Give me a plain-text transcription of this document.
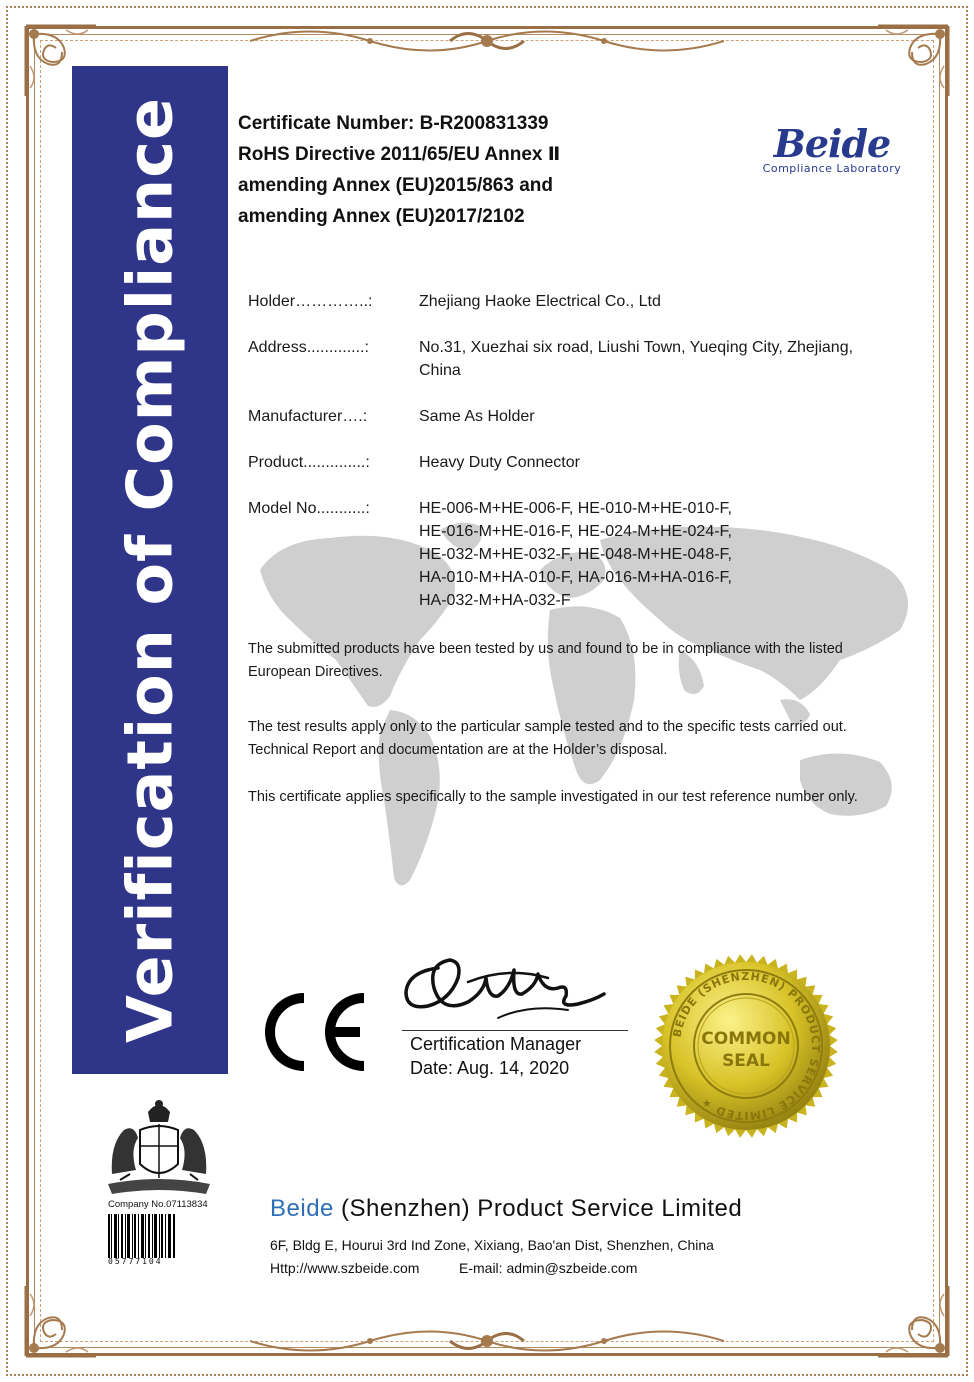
Verification of Compliance	Certificate Number: B-R200831339
RoHS Directive 2011/65/EU Annex Ⅱ
amending Annex (EU)2015/863 and
amending Annex (EU)2017/2102
Beide
Compliance Laboratory
Holder…………..:	Zhejiang Haoke Electrical Co., Ltd
Address.............:	No.31, Xuezhai six road, Liushi Town, Yueqing City, Zhejiang,
China
Manufacturer….:	Same As Holder
Product..............:	Heavy Duty Connector
Model No...........:	HE-006-M+HE-006-F, HE-010-M+HE-010-F,
HE-016-M+HE-016-F, HE-024-M+HE-024-F,
HE-032-M+HE-032-F, HE-048-M+HE-048-F,
HA-010-M+HA-010-F, HA-016-M+HA-016-F,
HA-032-M+HA-032-F
The submitted products have been tested by us and found to be in compliance with the listed
European Directives.
The test results apply only to the particular sample tested and to the specific tests carried out.
Technical Report and documentation are at the Holder’s disposal.
This certificate applies specifically to the sample investigated in our test reference number only.
Certification Manager
Date: Aug. 14, 2020
BEIDE (SHENZHEN) PRODUCT SERVICE LIMITED ★
COMMON
SEAL
Company No.07113834
05777104
Beide (Shenzhen) Product Service Limited
6F, Bldg E, Hourui 3rd Ind Zone, Xixiang, Bao'an Dist, Shenzhen, China
Http://www.szbeide.com	E-mail: admin@szbeide.com
